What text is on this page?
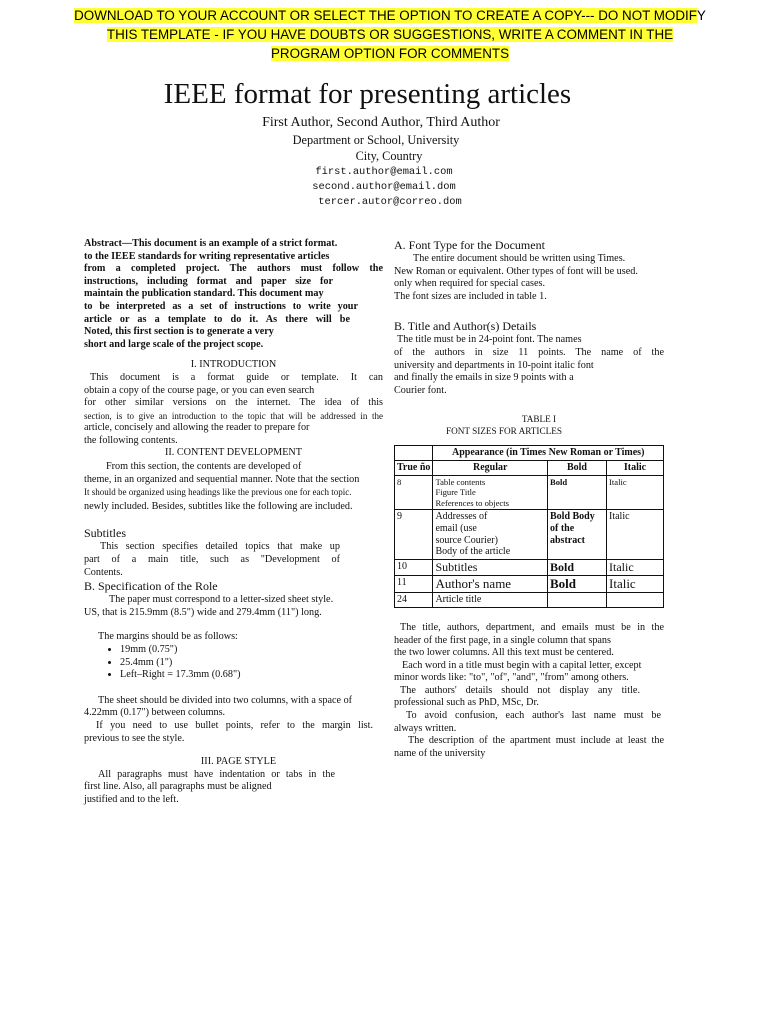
DOWNLOAD TO YOUR ACCOUNT OR SELECT THE OPTION TO CREATE A COPY--- DO NOT MODIFY
THIS TEMPLATE - IF YOU HAVE DOUBTS OR SUGGESTIONS, WRITE A COMMENT IN THE
PROGRAM OPTION FOR COMMENTS
IEEE format for presenting articles
First Author, Second Author, Third Author
Department or School, University
City, Country
first.author@email.com
second.author@email.dom
tercer.autor@correo.dom
Abstract—This document is an example of a strict format.
to the IEEE standards for writing representative articles
from a completed project. The authors must follow the
instructions, including format and paper size for
maintain the publication standard. This document may
to be interpreted as a set of instructions to write your
article or as a template to do it. As there will be
Noted, this first section is to generate a very
short and large scale of the project scope.
I. INTRODUCTION
This document is a format guide or template. It can
obtain a copy of the course page, or you can even search
for other similar versions on the internet. The idea of this
section, is to give an introduction to the topic that will be addressed in the
article, concisely and allowing the reader to prepare for
the following contents.
II. CONTENT DEVELOPMENT
From this section, the contents are developed of
theme, in an organized and sequential manner. Note that the section
It should be organized using headings like the previous one for each topic.
newly included. Besides, subtitles like the following are included.
Subtitles
This section specifies detailed topics that make up
part of a main title, such as "Development of
Contents.
B. Specification of the Role
The paper must correspond to a letter-sized sheet style.
US, that is 215.9mm (8.5") wide and 279.4mm (11") long.
The margins should be as follows:
• 19mm (0.75")
• 25.4mm (1")
• Left–Right = 17.3mm (0.68")
The sheet should be divided into two columns, with a space of
4.22mm (0.17") between columns.
If you need to use bullet points, refer to the margin list.
previous to see the style.
III. PAGE STYLE
All paragraphs must have indentation or tabs in the
first line. Also, all paragraphs must be aligned
justified and to the left.
A. Font Type for the Document
The entire document should be written using Times.
New Roman or equivalent. Other types of font will be used.
only when required for special cases.
The font sizes are included in table 1.
B. Title and Author(s) Details
The title must be in 24-point font. The names
of the authors in size 11 points. The name of the
university and departments in 10-point italic font
and finally the emails in size 9 points with a
Courier font.
TABLE I
FONT SIZES FOR ARTICLES
	Appearance (in Times New Roman or Times)		
True ño	Regular	Bold	Italic
8	Table contents
Figure Title
References to objects	Bold	Italic
9	Addresses of
email (use
source Courier)
Body of the article	Bold Body of the abstract	Italic
10	Subtitles	Bold	Italic
11	Author's name	Bold	Italic
24	Article title		
The title, authors, department, and emails must be in the
header of the first page, in a single column that spans
the two lower columns. All this text must be centered.
Each word in a title must begin with a capital letter, except
minor words like: "to", "of", "and", "from" among others.
The authors' details should not display any title.
professional such as PhD, MSc, Dr.
To avoid confusion, each author's last name must be
always written.
The description of the apartment must include at least the
name of the university
